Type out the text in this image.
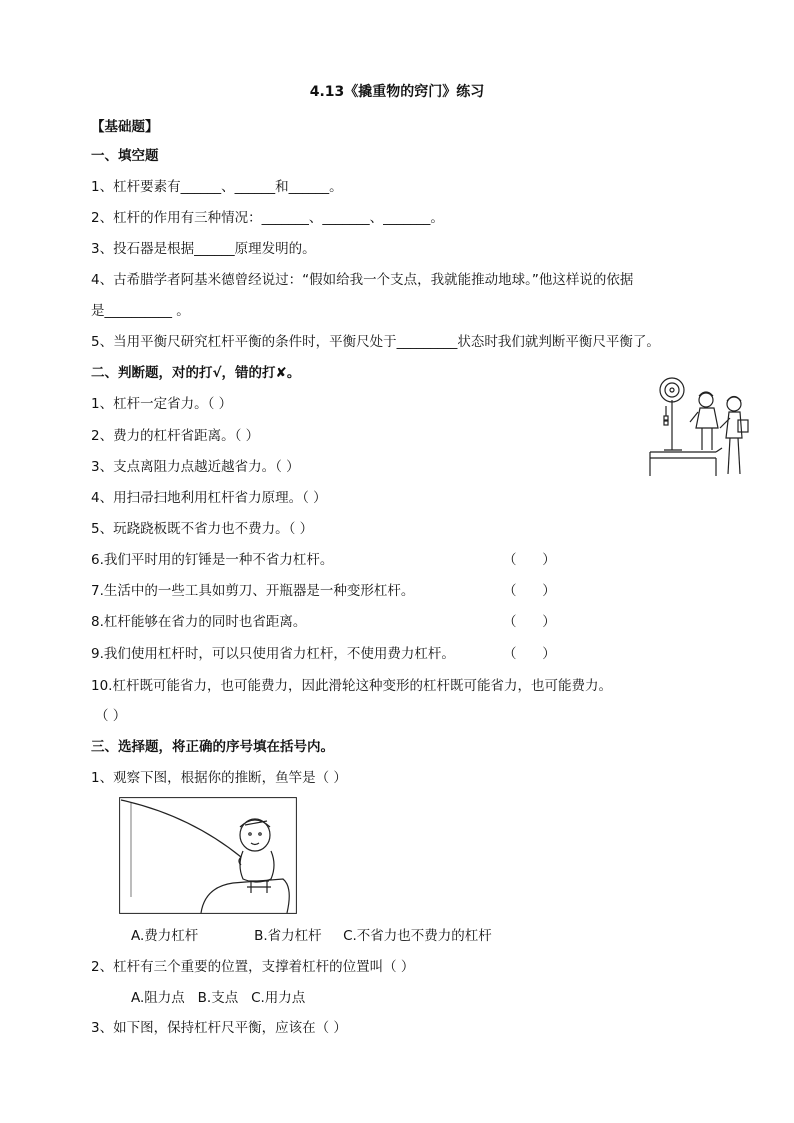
4.13《撬重物的窍门》练习
【基础题】
一、填空题
1、杠杆要素有______、______和______。
2、杠杆的作用有三种情况：_______、_______、_______。
3、投石器是根据______原理发明的。
4、古希腊学者阿基米德曾经说过：“假如给我一个支点，我就能推动地球。”他这样说的依据
是__________ 。
5、当用平衡尺研究杠杆平衡的条件时，平衡尺处于_________状态时我们就判断平衡尺平衡了。
二、判断题，对的打√，错的打✘。
1、杠杆一定省力。（ ）
2、费力的杠杆省距离。（ ）
3、支点离阻力点越近越省力。（ ）
4、用扫帚扫地利用杠杆省力原理。（ ）
5、玩跷跷板既不省力也不费力。（ ）
6.我们平时用的钉锤是一种不省力杠杆。	（      ）
7.生活中的一些工具如剪刀、开瓶器是一种变形杠杆。	（      ）
8.杠杆能够在省力的同时也省距离。	（      ）
9.我们使用杠杆时，可以只使用省力杠杆，不使用费力杠杆。	（      ）
10.杠杆既可能省力，也可能费力，因此滑轮这种变形的杠杆既可能省力，也可能费力。
（ ）
三、选择题，将正确的序号填在括号内。
1、观察下图，根据你的推断，鱼竿是（ ）
A.费力杠杆             B.省力杠杆     C.不省力也不费力的杠杆
2、杠杆有三个重要的位置，支撑着杠杆的位置叫（ ）
A.阻力点   B.支点   C.用力点
3、如下图，保持杠杆尺平衡，应该在（ ）
